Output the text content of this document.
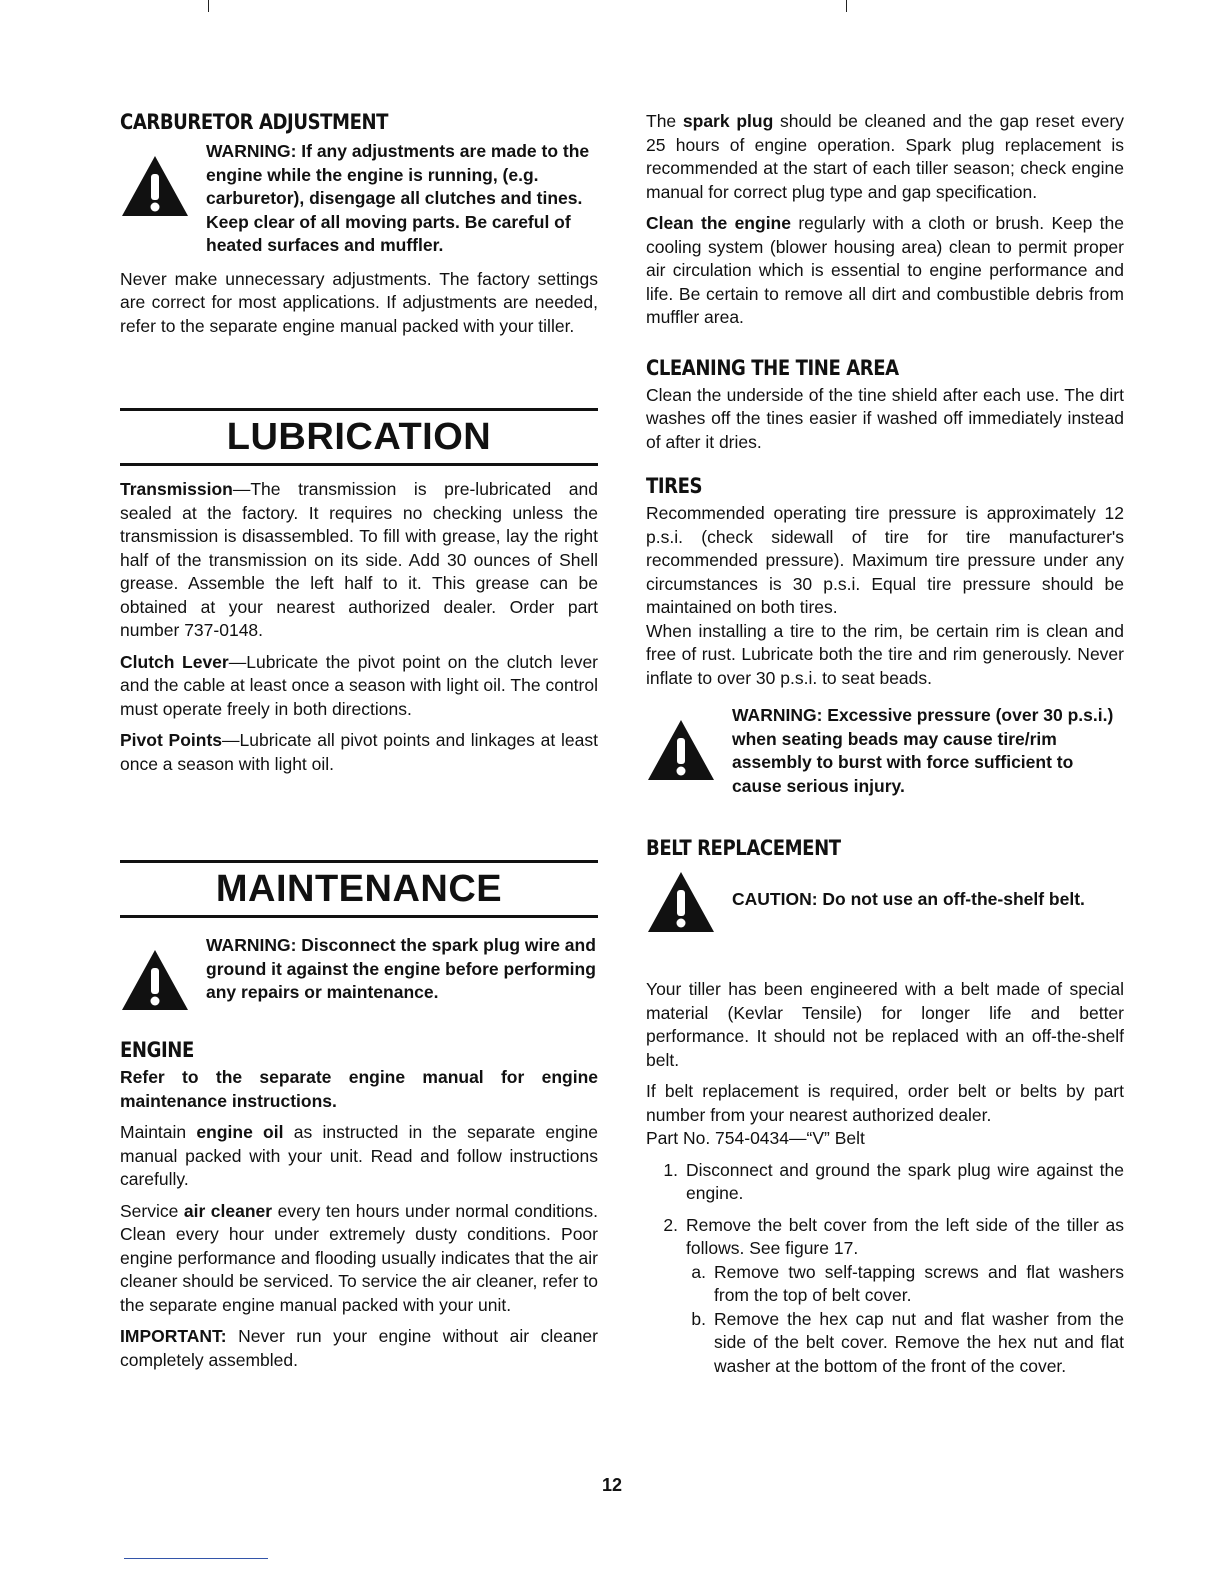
CARBURETOR ADJUSTMENT
WARNING: If any adjustments are made to the engine while the engine is running, (e.g. carburetor), disengage all clutches and tines. Keep clear of all moving parts. Be careful of heated surfaces and muffler.

Never make unnecessary adjustments. The factory settings are correct for most applications. If adjustments are needed, refer to the separate engine manual packed with your tiller.

LUBRICATION

Transmission—The transmission is pre-lubricated and sealed at the factory. It requires no checking unless the transmission is disassembled. To fill with grease, lay the right half of the transmission on its side. Add 30 ounces of Shell grease. Assemble the left half to it. This grease can be obtained at your nearest authorized dealer. Order part number 737-0148.

Clutch Lever—Lubricate the pivot point on the clutch lever and the cable at least once a season with light oil. The control must operate freely in both directions.

Pivot Points—Lubricate all pivot points and linkages at least once a season with light oil.

MAINTENANCE
WARNING: Disconnect the spark plug wire and ground it against the engine before performing any repairs or maintenance.
ENGINE

Refer to the separate engine manual for engine maintenance instructions.

Maintain engine oil as instructed in the separate engine manual packed with your unit. Read and follow instructions carefully.

Service air cleaner every ten hours under normal conditions. Clean every hour under extremely dusty conditions. Poor engine performance and flooding usually indicates that the air cleaner should be serviced. To service the air cleaner, refer to the separate engine manual packed with your unit.

IMPORTANT: Never run your engine without air cleaner completely assembled.

The spark plug should be cleaned and the gap reset every 25 hours of engine operation. Spark plug replacement is recommended at the start of each tiller season; check engine manual for correct plug type and gap specification.

Clean the engine regularly with a cloth or brush. Keep the cooling system (blower housing area) clean to permit proper air circulation which is essential to engine performance and life. Be certain to remove all dirt and combustible debris from muffler area.

CLEANING THE TINE AREA

Clean the underside of the tine shield after each use. The dirt washes off the tines easier if washed off immediately instead of after it dries.

TIRES

Recommended operating tire pressure is approximately 12 p.s.i. (check sidewall of tire for tire manufacturer's recommended pressure). Maximum tire pressure under any circumstances is 30 p.s.i. Equal tire pressure should be maintained on both tires.

When installing a tire to the rim, be certain rim is clean and free of rust. Lubricate both the tire and rim generously. Never inflate to over 30 p.s.i. to seat beads.

WARNING: Excessive pressure (over 30 p.s.i.) when seating beads may cause tire/rim assembly to burst with force sufficient to cause serious injury.
BELT REPLACEMENT
CAUTION: Do not use an off-the-shelf belt.

Your tiller has been engineered with a belt made of special material (Kevlar Tensile) for longer life and better performance. It should not be replaced with an off-the-shelf belt.

If belt replacement is required, order belt or belts by part number from your nearest authorized dealer.

Part No. 754-0434—“V” Belt

1. Disconnect and ground the spark plug wire against the engine.
2. Remove the belt cover from the left side of the tiller as follows. See figure 17.
a. Remove two self-tapping screws and flat washers from the top of belt cover.
b. Remove the hex cap nut and flat washer from the side of the belt cover. Remove the hex nut and flat washer at the bottom of the front of the cover.
12
